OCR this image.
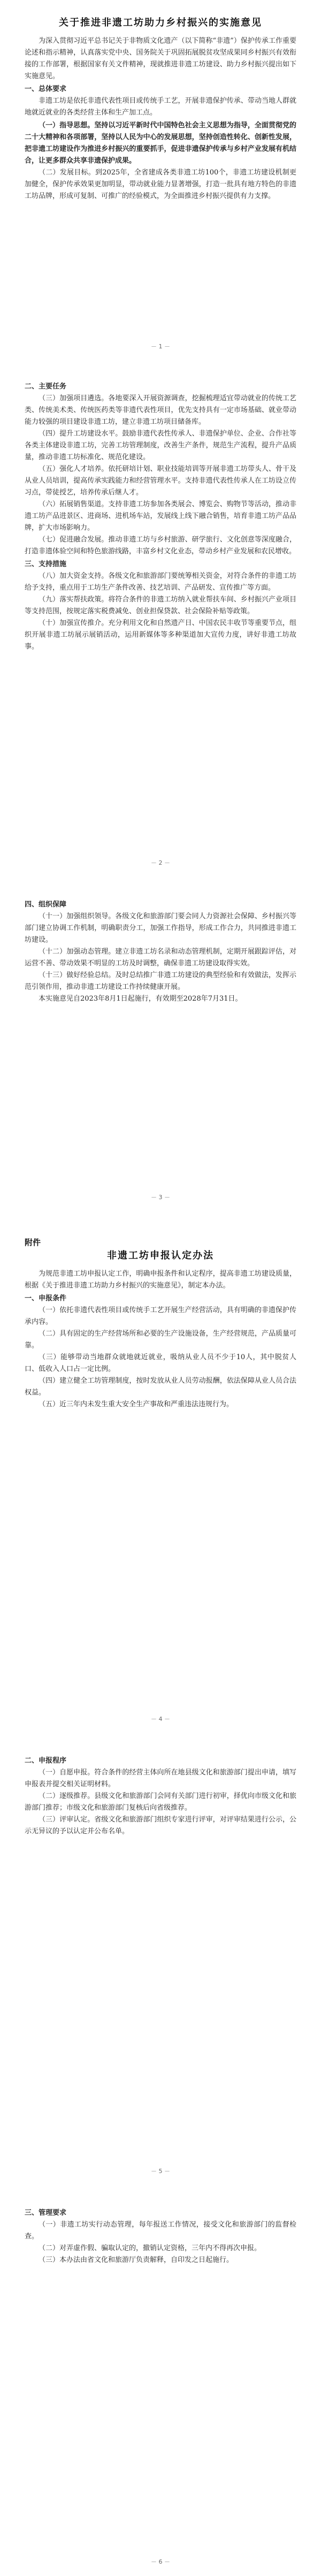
关于推进非遗工坊助力乡村振兴的实施意见

为深入贯彻习近平总书记关于非物质文化遗产（以下简称“非遗”）保护传承工作重要论述和指示精神，认真落实党中央、国务院关于巩固拓展脱贫攻坚成果同乡村振兴有效衔接的工作部署，根据国家有关文件精神，现就推进非遗工坊建设、助力乡村振兴提出如下实施意见。

一、总体要求

非遗工坊是依托非遗代表性项目或传统手工艺，开展非遗保护传承、带动当地人群就地就近就业的各类经营主体和生产加工点。

（一）指导思想。坚持以习近平新时代中国特色社会主义思想为指导，全面贯彻党的二十大精神和各项部署，坚持以人民为中心的发展思想，坚持创造性转化、创新性发展，把非遗工坊建设作为推进乡村振兴的重要抓手，促进非遗保护传承与乡村产业发展有机结合，让更多群众共享非遗保护成果。

（二）发展目标。到2025年，全省建成各类非遗工坊100个，非遗工坊建设机制更加健全，保护传承效果更加明显，带动就业能力显著增强，打造一批具有地方特色的非遗工坊品牌，形成可复制、可推广的经验模式，为全面推进乡村振兴提供有力支撑。

－ 1 －

二、主要任务

（三）加强项目遴选。各地要深入开展资源调查，挖掘梳理适宜带动就业的传统工艺类、传统美术类、传统医药类等非遗代表性项目，优先支持具有一定市场基础、就业带动能力较强的项目建设非遗工坊，建立非遗工坊项目储备库。

（四）提升工坊建设水平。鼓励非遗代表性传承人、非遗保护单位、企业、合作社等各类主体建设非遗工坊，完善工坊管理制度，改善生产条件，规范生产流程，提升产品质量，推动非遗工坊标准化、规范化建设。

（五）强化人才培养。依托研培计划、职业技能培训等开展非遗工坊带头人、骨干及从业人员培训，提高传承实践能力和经营管理水平。支持非遗代表性传承人在工坊设立传习点，带徒授艺，培养传承后继人才。

（六）拓展销售渠道。支持非遗工坊参加各类展会、博览会、购物节等活动，推动非遗工坊产品进景区、进商场、进机场车站，发展线上线下融合销售，培育非遗工坊产品品牌，扩大市场影响力。

（七）促进融合发展。推动非遗工坊与乡村旅游、研学旅行、文化创意等深度融合，打造非遗体验空间和特色旅游线路，丰富乡村文化业态，带动乡村产业发展和农民增收。

三、支持措施

（八）加大资金支持。各级文化和旅游部门要统筹相关资金，对符合条件的非遗工坊给予支持，重点用于工坊生产条件改善、技艺培训、产品研发、宣传推广等方面。

（九）落实帮扶政策。将符合条件的非遗工坊纳入就业帮扶车间、乡村振兴产业项目等支持范围，按规定落实税费减免、创业担保贷款、社会保险补贴等政策。

（十）加强宣传推介。充分利用文化和自然遗产日、中国农民丰收节等重要节点，组织开展非遗工坊展示展销活动，运用新媒体等多种渠道加大宣传力度，讲好非遗工坊故事。

－ 2 －

四、组织保障

（十一）加强组织领导。各级文化和旅游部门要会同人力资源社会保障、乡村振兴等部门建立协调工作机制，明确职责分工，加强工作指导，形成工作合力，共同推进非遗工坊建设。

（十二）加强动态管理。建立非遗工坊名录和动态管理机制，定期开展跟踪评估，对运营不善、带动效果不明显的工坊及时调整，确保非遗工坊建设取得实效。

（十三）做好经验总结。及时总结推广非遗工坊建设的典型经验和有效做法，发挥示范引领作用，推动非遗工坊建设工作持续健康开展。

本实施意见自2023年8月1日起施行，有效期至2028年7月31日。

－ 3 －

附件

非遗工坊申报认定办法

为规范非遗工坊申报认定工作，明确申报条件和认定程序，提高非遗工坊建设质量，根据《关于推进非遗工坊助力乡村振兴的实施意见》，制定本办法。

一、申报条件

（一）依托非遗代表性项目或传统手工艺开展生产经营活动，具有明确的非遗保护传承内容。

（二）具有固定的生产经营场所和必要的生产设施设备，生产经营规范，产品质量可靠。

（三）能够带动当地群众就地就近就业，吸纳从业人员不少于10人，其中脱贫人口、低收入人口占一定比例。

（四）建立健全工坊管理制度，按时发放从业人员劳动报酬，依法保障从业人员合法权益。

（五）近三年内未发生重大安全生产事故和严重违法违规行为。

－ 4 －

二、申报程序

（一）自愿申报。符合条件的经营主体向所在地县级文化和旅游部门提出申请，填写申报表并提交相关证明材料。

（二）逐级推荐。县级文化和旅游部门会同有关部门进行初审，择优向市级文化和旅游部门推荐；市级文化和旅游部门复核后向省级推荐。

（三）评审认定。省级文化和旅游部门组织专家进行评审，对评审结果进行公示，公示无异议的予以认定并公布名单。

－ 5 －

三、管理要求

（一）非遗工坊实行动态管理，每年报送工作情况，接受文化和旅游部门的监督检查。

（二）对弄虚作假、骗取认定的，撤销认定资格，三年内不得再次申报。

（三）本办法由省文化和旅游厅负责解释，自印发之日起施行。

－ 6 －
